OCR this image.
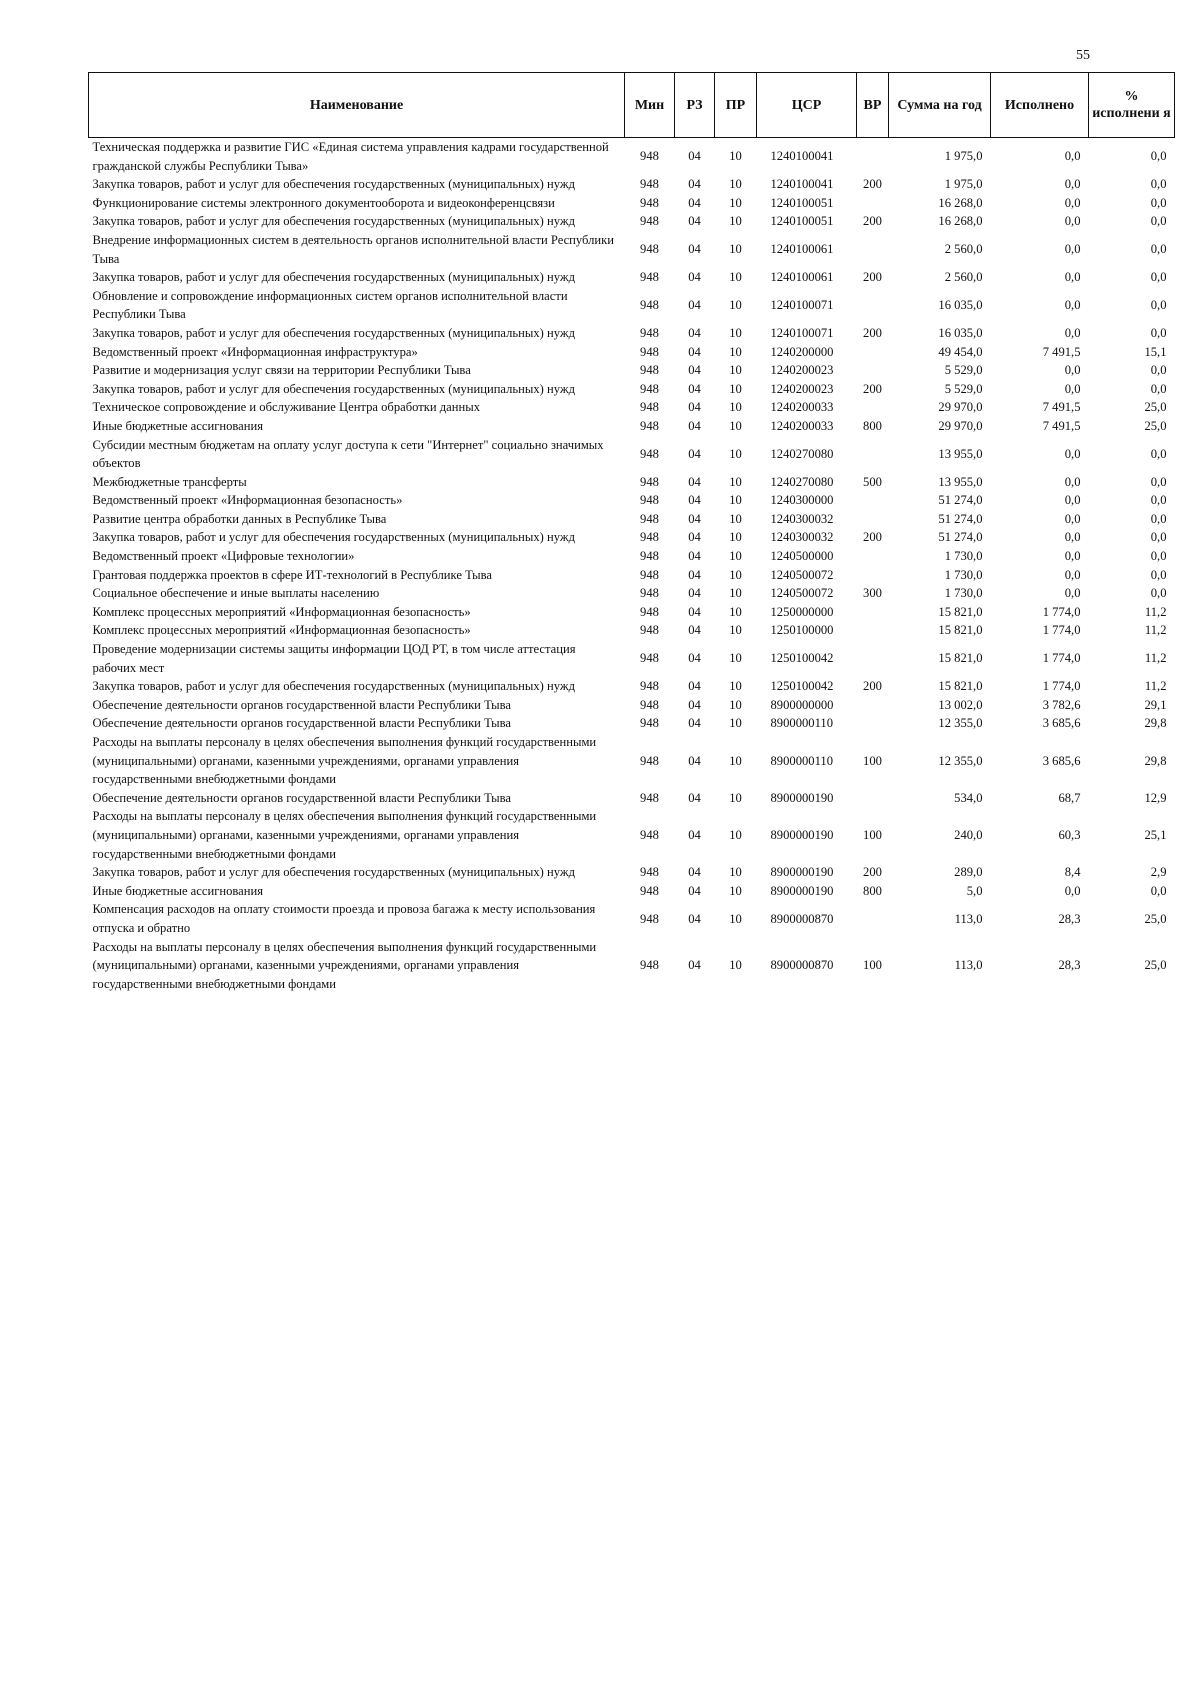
55
Наименование	Мин	РЗ	ПР	ЦСР	ВР	Сумма на год	Исполнено	% исполнени я
Техническая поддержка и развитие ГИС «Единая система управления кадрами государственной гражданской службы Республики Тыва»	948	04	10	1240100041		1 975,0	0,0	0,0
Закупка товаров, работ и услуг для обеспечения государственных (муниципальных) нужд	948	04	10	1240100041	200	1 975,0	0,0	0,0
Функционирование системы электронного документооборота и видеоконференцсвязи	948	04	10	1240100051		16 268,0	0,0	0,0
Закупка товаров, работ и услуг для обеспечения государственных (муниципальных) нужд	948	04	10	1240100051	200	16 268,0	0,0	0,0
Внедрение информационных систем в деятельность органов исполнительной власти Республики Тыва	948	04	10	1240100061		2 560,0	0,0	0,0
Закупка товаров, работ и услуг для обеспечения государственных (муниципальных) нужд	948	04	10	1240100061	200	2 560,0	0,0	0,0
Обновление и сопровождение информационных систем органов исполнительной власти Республики Тыва	948	04	10	1240100071		16 035,0	0,0	0,0
Закупка товаров, работ и услуг для обеспечения государственных (муниципальных) нужд	948	04	10	1240100071	200	16 035,0	0,0	0,0
Ведомственный проект «Информационная инфраструктура»	948	04	10	1240200000		49 454,0	7 491,5	15,1
Развитие и модернизация услуг связи на территории Республики Тыва	948	04	10	1240200023		5 529,0	0,0	0,0
Закупка товаров, работ и услуг для обеспечения государственных (муниципальных) нужд	948	04	10	1240200023	200	5 529,0	0,0	0,0
Техническое сопровождение и обслуживание Центра обработки данных	948	04	10	1240200033		29 970,0	7 491,5	25,0
Иные бюджетные ассигнования	948	04	10	1240200033	800	29 970,0	7 491,5	25,0
Субсидии местным бюджетам на оплату услуг доступа к сети "Интернет" социально значимых объектов	948	04	10	1240270080		13 955,0	0,0	0,0
Межбюджетные трансферты	948	04	10	1240270080	500	13 955,0	0,0	0,0
Ведомственный проект «Информационная безопасность»	948	04	10	1240300000		51 274,0	0,0	0,0
Развитие центра обработки данных в Республике Тыва	948	04	10	1240300032		51 274,0	0,0	0,0
Закупка товаров, работ и услуг для обеспечения государственных (муниципальных) нужд	948	04	10	1240300032	200	51 274,0	0,0	0,0
Ведомственный проект «Цифровые технологии»	948	04	10	1240500000		1 730,0	0,0	0,0
Грантовая поддержка проектов в сфере ИТ-технологий в Республике Тыва	948	04	10	1240500072		1 730,0	0,0	0,0
Социальное обеспечение и иные выплаты населению	948	04	10	1240500072	300	1 730,0	0,0	0,0
Комплекс процессных мероприятий «Информационная безопасность»	948	04	10	1250000000		15 821,0	1 774,0	11,2
Комплекс процессных мероприятий «Информационная безопасность»	948	04	10	1250100000		15 821,0	1 774,0	11,2
Проведение модернизации системы защиты информации ЦОД РТ, в том числе аттестация рабочих мест	948	04	10	1250100042		15 821,0	1 774,0	11,2
Закупка товаров, работ и услуг для обеспечения государственных (муниципальных) нужд	948	04	10	1250100042	200	15 821,0	1 774,0	11,2
Обеспечение деятельности органов государственной власти Республики Тыва	948	04	10	8900000000		13 002,0	3 782,6	29,1
Обеспечение деятельности органов государственной власти Республики Тыва	948	04	10	8900000110		12 355,0	3 685,6	29,8
Расходы на выплаты персоналу в целях обеспечения выполнения функций государственными (муниципальными) органами, казенными учреждениями, органами управления государственными внебюджетными фондами	948	04	10	8900000110	100	12 355,0	3 685,6	29,8
Обеспечение деятельности органов государственной власти Республики Тыва	948	04	10	8900000190		534,0	68,7	12,9
Расходы на выплаты персоналу в целях обеспечения выполнения функций государственными (муниципальными) органами, казенными учреждениями, органами управления государственными внебюджетными фондами	948	04	10	8900000190	100	240,0	60,3	25,1
Закупка товаров, работ и услуг для обеспечения государственных (муниципальных) нужд	948	04	10	8900000190	200	289,0	8,4	2,9
Иные бюджетные ассигнования	948	04	10	8900000190	800	5,0	0,0	0,0
Компенсация расходов на оплату стоимости проезда и провоза багажа к месту использования отпуска и обратно	948	04	10	8900000870		113,0	28,3	25,0
Расходы на выплаты персоналу в целях обеспечения выполнения функций государственными (муниципальными) органами, казенными учреждениями, органами управления государственными внебюджетными фондами	948	04	10	8900000870	100	113,0	28,3	25,0
